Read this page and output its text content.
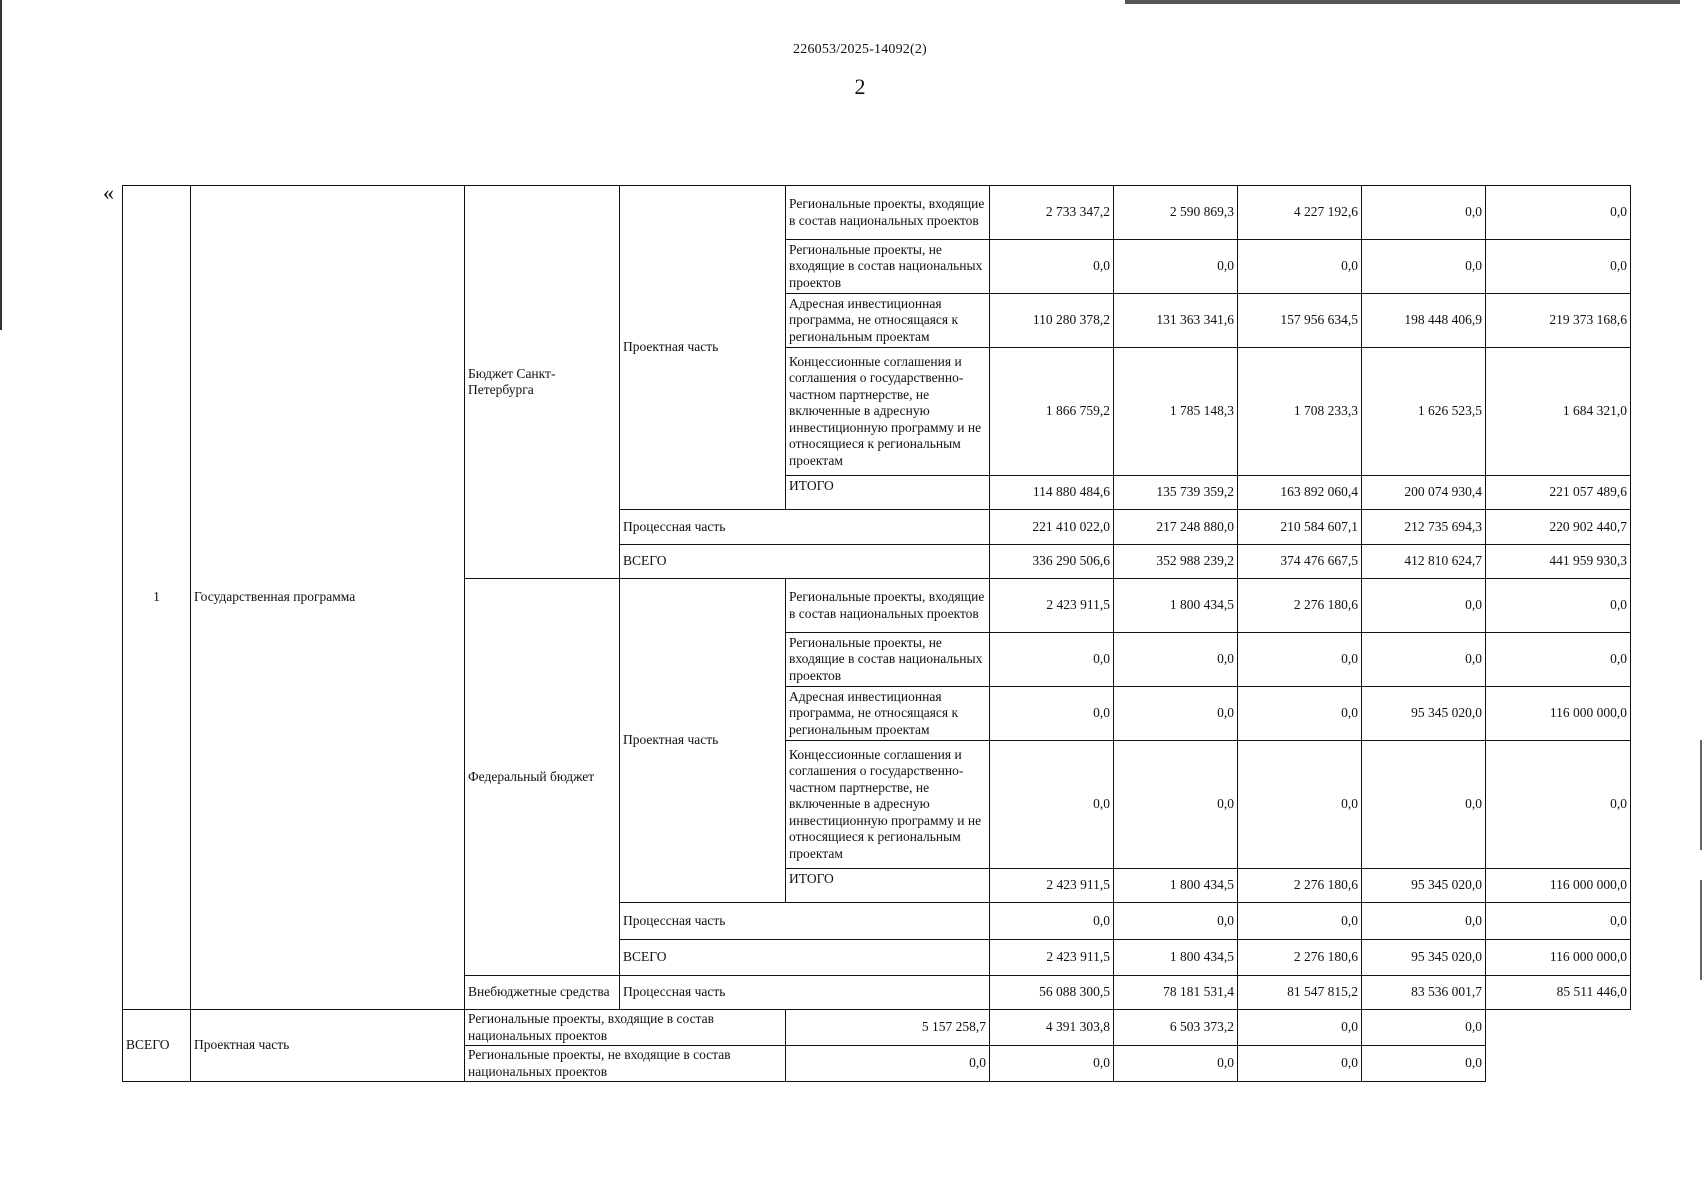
226053/2025-14092(2)
2
«
1	Государственная программа	Бюджет Санкт-Петербурга	Проектная часть	Региональные проекты, входящие в состав национальных проектов	2 733 347,2	2 590 869,3	4 227 192,6	0,0	0,0
				Региональные проекты, не входящие в состав национальных проектов	0,0	0,0	0,0	0,0	0,0
				Адресная инвестиционная программа, не относящаяся к региональным проектам	110 280 378,2	131 363 341,6	157 956 634,5	198 448 406,9	219 373 168,6
				Концессионные соглашения и соглашения о государственно-частном партнерстве, не включенные в адресную инвестиционную программу и не относящиеся к региональным проектам	1 866 759,2	1 785 148,3	1 708 233,3	1 626 523,5	1 684 321,0
				ИТОГО	114 880 484,6	135 739 359,2	163 892 060,4	200 074 930,4	221 057 489,6
			Процессная часть		221 410 022,0	217 248 880,0	210 584 607,1	212 735 694,3	220 902 440,7
			ВСЕГО		336 290 506,6	352 988 239,2	374 476 667,5	412 810 624,7	441 959 930,3
		Федеральный бюджет	Проектная часть	Региональные проекты, входящие в состав национальных проектов	2 423 911,5	1 800 434,5	2 276 180,6	0,0	0,0
				Региональные проекты, не входящие в состав национальных проектов	0,0	0,0	0,0	0,0	0,0
				Адресная инвестиционная программа, не относящаяся к региональным проектам	0,0	0,0	0,0	95 345 020,0	116 000 000,0
				Концессионные соглашения и соглашения о государственно-частном партнерстве, не включенные в адресную инвестиционную программу и не относящиеся к региональным проектам	0,0	0,0	0,0	0,0	0,0
				ИТОГО	2 423 911,5	1 800 434,5	2 276 180,6	95 345 020,0	116 000 000,0
			Процессная часть		0,0	0,0	0,0	0,0	0,0
			ВСЕГО		2 423 911,5	1 800 434,5	2 276 180,6	95 345 020,0	116 000 000,0
		Внебюджетные средства	Процессная часть		56 088 300,5	78 181 531,4	81 547 815,2	83 536 001,7	85 511 446,0
ВСЕГО	Проектная часть	Региональные проекты, входящие в состав национальных проектов		5 157 258,7	4 391 303,8	6 503 373,2	0,0	0,0	
		Региональные проекты, не входящие в состав национальных проектов		0,0	0,0	0,0	0,0	0,0	
